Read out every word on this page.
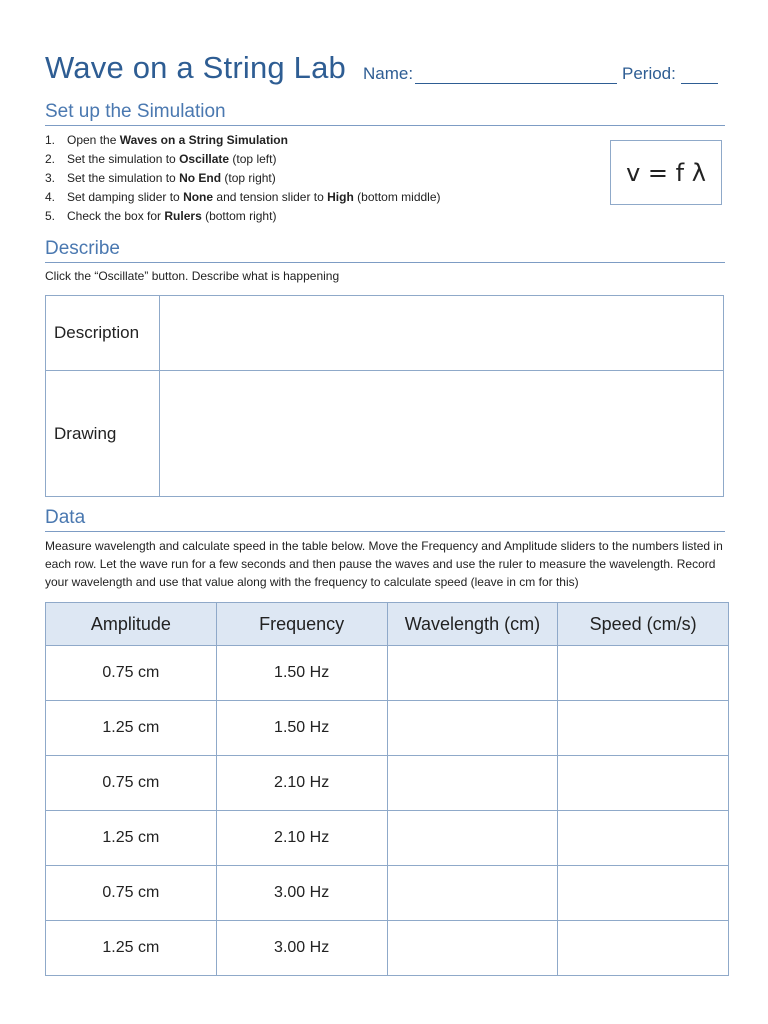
Wave on a String Lab Name:	Period:
Set up the Simulation
1. Open the Waves on a String Simulation
2. Set the simulation to Oscillate (top left)
3. Set the simulation to No End (top right)
4. Set damping slider to None and tension slider to High (bottom middle)
5. Check the box for Rulers (bottom right)
v = f λ
Describe
Click the “Oscillate” button. Describe what is happening
Description	
Drawing	
Data
Measure wavelength and calculate speed in the table below. Move the Frequency and Amplitude sliders to the numbers listed in each row. Let the wave run for a few seconds and then pause the waves and use the ruler to measure the wavelength. Record your wavelength and use that value along with the frequency to calculate speed (leave in cm for this)
Amplitude	Frequency	Wavelength (cm)	Speed (cm/s)
0.75 cm	1.50 Hz		
1.25 cm	1.50 Hz		
0.75 cm	2.10 Hz		
1.25 cm	2.10 Hz		
0.75 cm	3.00 Hz		
1.25 cm	3.00 Hz		
